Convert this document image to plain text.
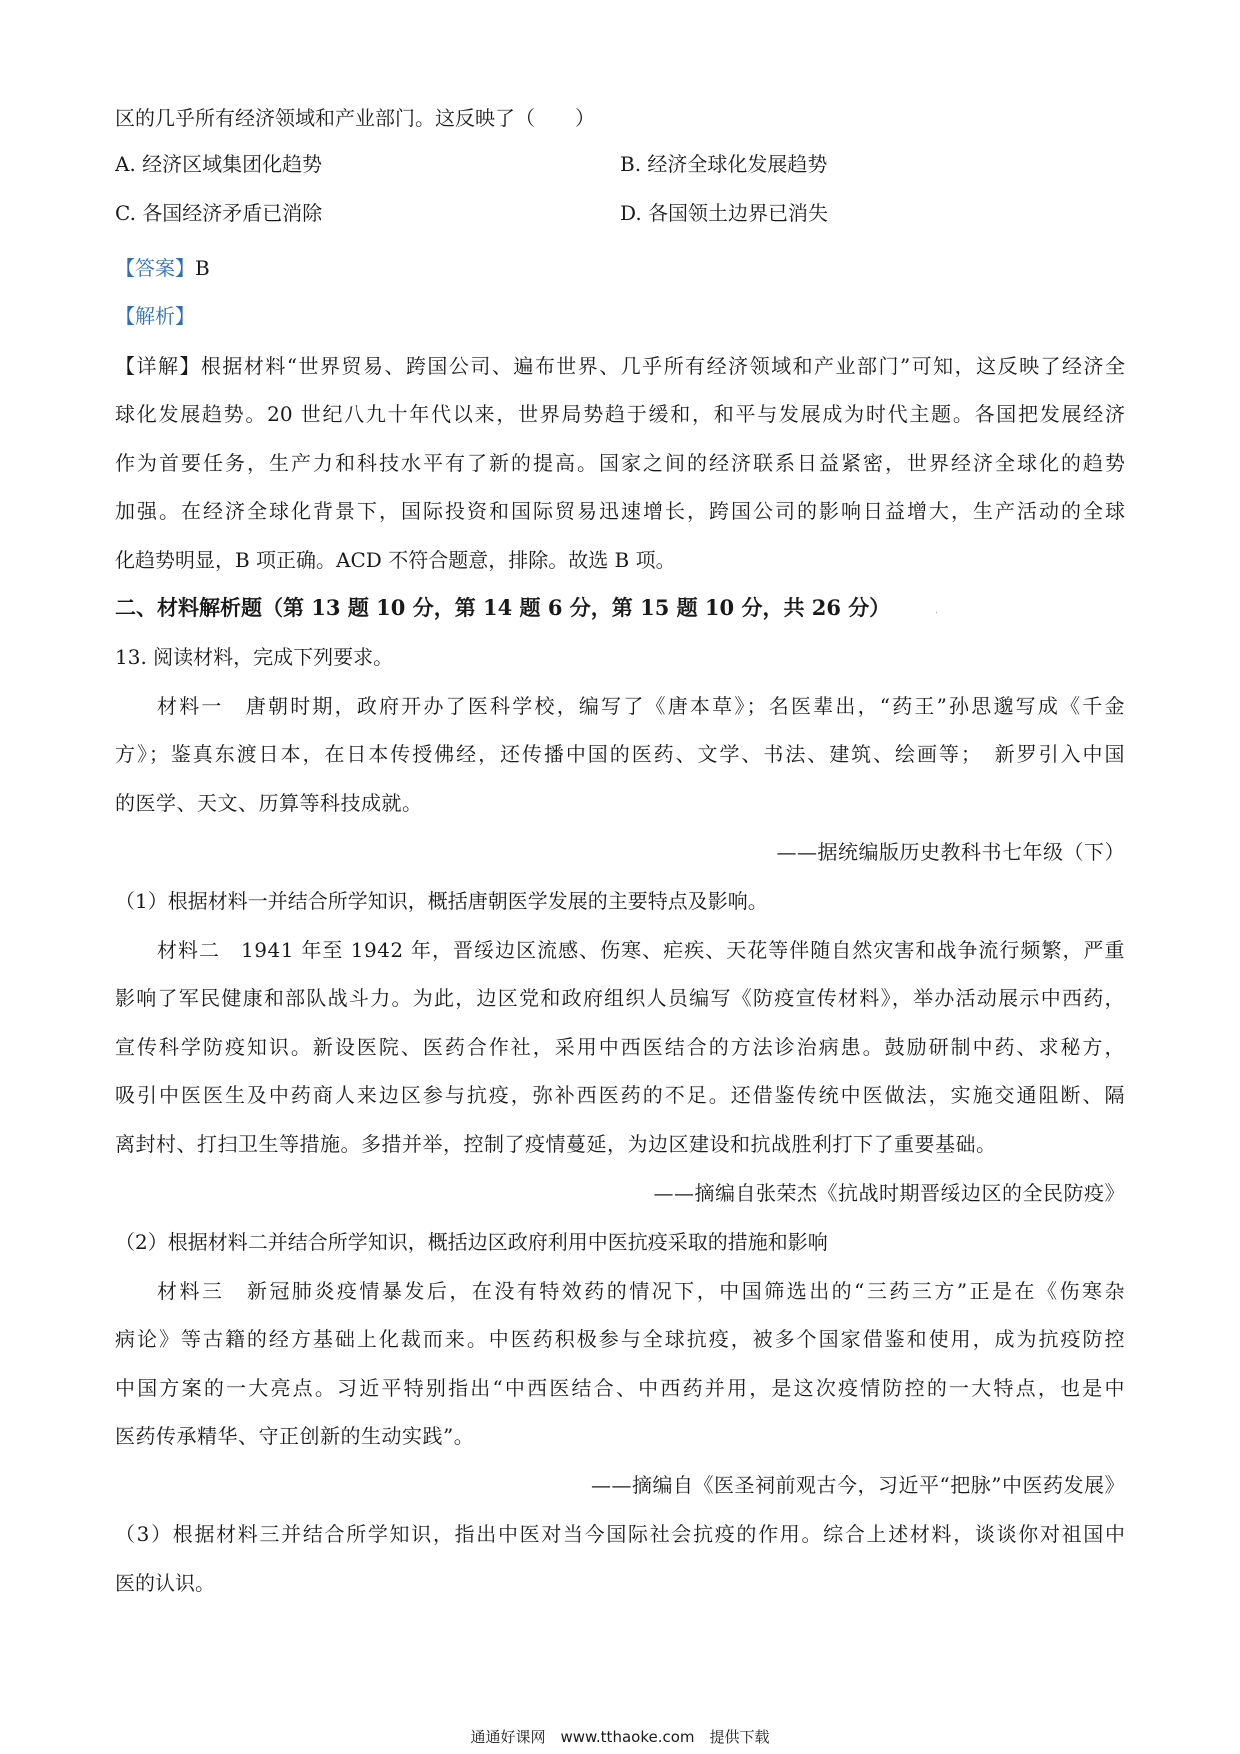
区的几乎所有经济领域和产业部门。这反映了（　　）
A. 经济区域集团化趋势	B. 经济全球化发展趋势
C. 各国经济矛盾已消除	D. 各国领土边界已消失
【答案】B
【解析】
【详解】根据材料“世界贸易、跨国公司、遍布世界、几乎所有经济领域和产业部门”可知，这反映了经济全
球化发展趋势。20 世纪八九十年代以来，世界局势趋于缓和，和平与发展成为时代主题。各国把发展经济
作为首要任务，生产力和科技水平有了新的提高。国家之间的经济联系日益紧密，世界经济全球化的趋势
加强。在经济全球化背景下，国际投资和国际贸易迅速增长，跨国公司的影响日益增大，生产活动的全球
化趋势明显，B 项正确。ACD 不符合题意，排除。故选 B 项。
二、材料解析题（第 13 题 10 分，第 14 题 6 分，第 15 题 10 分，共 26 分）	.
13. 阅读材料，完成下列要求。
材料一　唐朝时期，政府开办了医科学校，编写了《唐本草》；名医辈出，“药王”孙思邈写成《千金
方》；鉴真东渡日本，在日本传授佛经，还传播中国的医药、文学、书法、建筑、绘画等；　新罗引入中国
的医学、天文、历算等科技成就。
——据统编版历史教科书七年级（下）
（1）根据材料一并结合所学知识，概括唐朝医学发展的主要特点及影响。
材料二　1941 年至 1942 年，晋绥边区流感、伤寒、疟疾、天花等伴随自然灾害和战争流行频繁，严重
影响了军民健康和部队战斗力。为此，边区党和政府组织人员编写《防疫宣传材料》，举办活动展示中西药，
宣传科学防疫知识。新设医院、医药合作社，采用中西医结合的方法诊治病患。鼓励研制中药、求秘方，
吸引中医医生及中药商人来边区参与抗疫，弥补西医药的不足。还借鉴传统中医做法，实施交通阻断、隔
离封村、打扫卫生等措施。多措并举，控制了疫情蔓延，为边区建设和抗战胜利打下了重要基础。
——摘编自张荣杰《抗战时期晋绥边区的全民防疫》
（2）根据材料二并结合所学知识，概括边区政府利用中医抗疫采取的措施和影响
材料三　新冠肺炎疫情暴发后，在没有特效药的情况下，中国筛选出的“三药三方”正是在《伤寒杂
病论》等古籍的经方基础上化裁而来。中医药积极参与全球抗疫，被多个国家借鉴和使用，成为抗疫防控
中国方案的一大亮点。习近平特别指出“中西医结合、中西药并用，是这次疫情防控的一大特点，也是中
医药传承精华、守正创新的生动实践”。
——摘编自《医圣祠前观古今，习近平“把脉”中医药发展》
（3）根据材料三并结合所学知识，指出中医对当今国际社会抗疫的作用。综合上述材料，谈谈你对祖国中
医的认识。
通通好课网　www.tthaoke.com　提供下载
